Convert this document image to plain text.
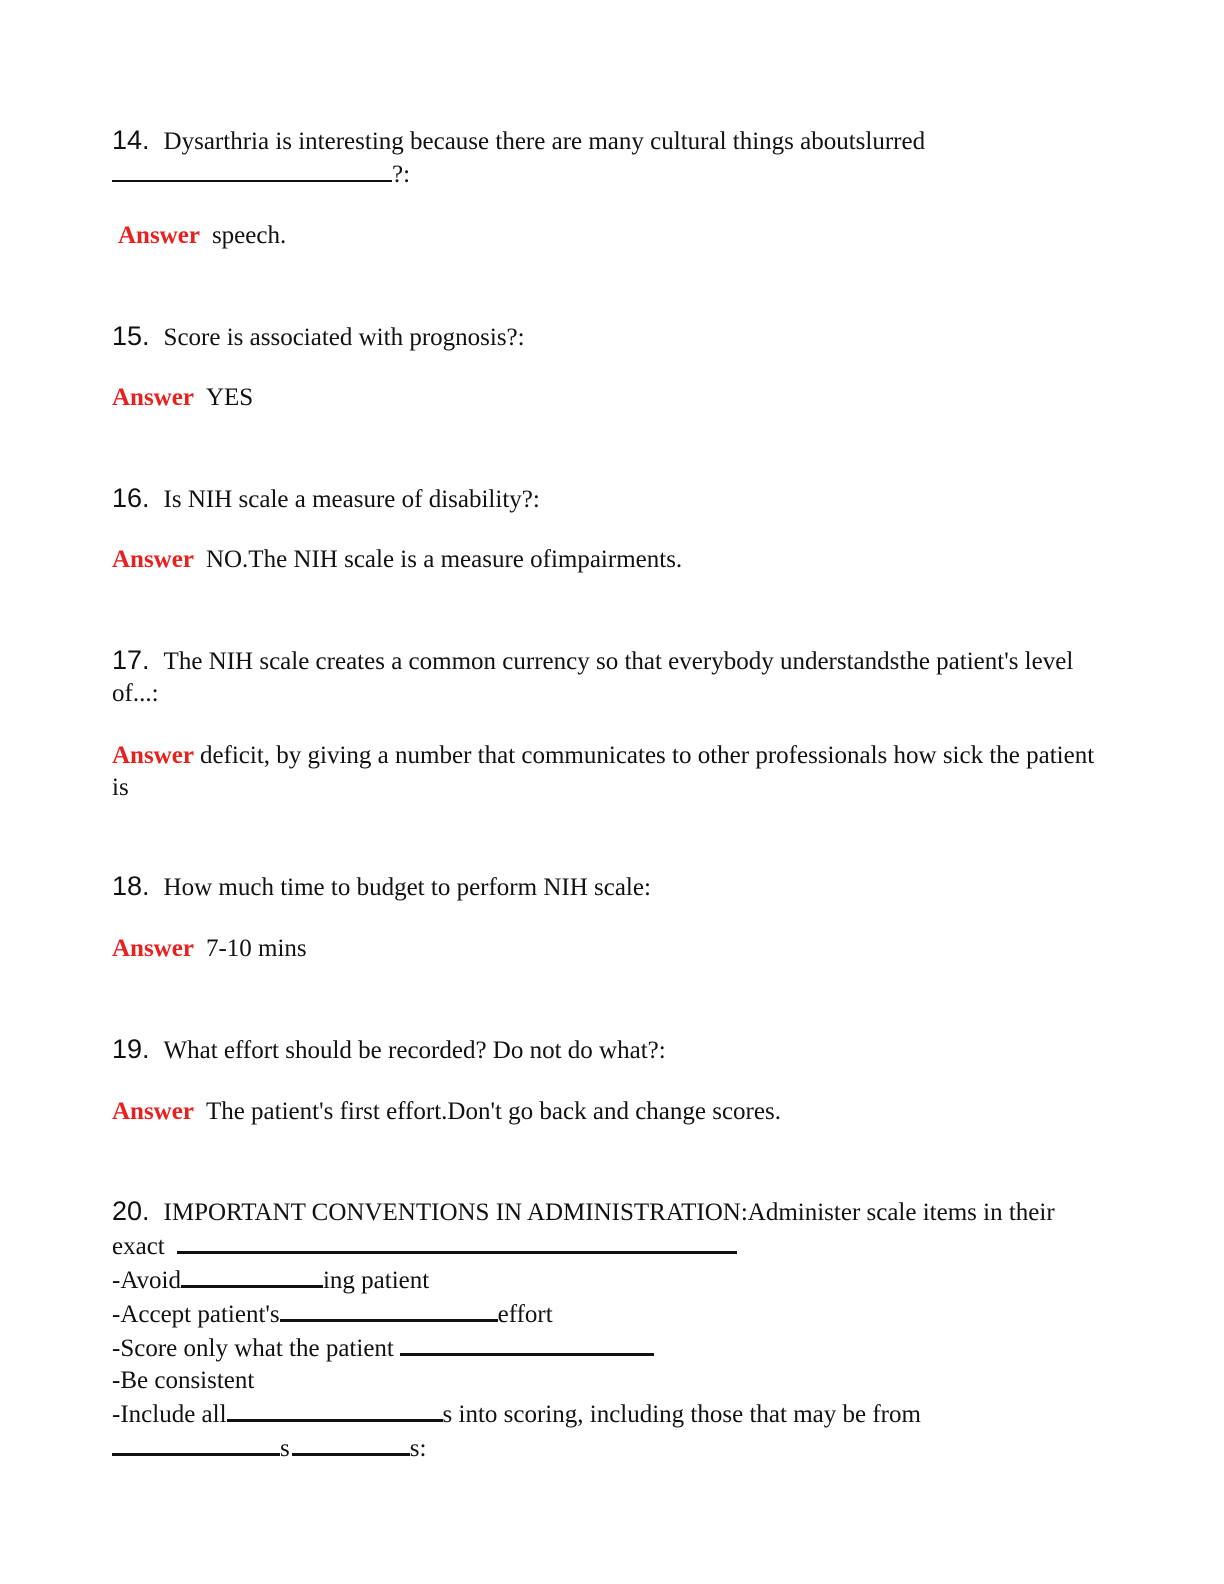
14. Dysarthria is interesting because there are many cultural things aboutslurred
?:
Answer speech.
15. Score is associated with prognosis?:
Answer YES
16. Is NIH scale a measure of disability?:
Answer NO.The NIH scale is a measure ofimpairments.
17. The NIH scale creates a common currency so that everybody understandsthe patient's level of...:
Answer deficit, by giving a number that communicates to other professionals how sick the patient is
18. How much time to budget to perform NIH scale:
Answer 7-10 mins
19. What effort should be recorded? Do not do what?:
Answer The patient's first effort.Don't go back and change scores.
20. IMPORTANT CONVENTIONS IN ADMINISTRATION:Administer scale items in their exact
-Avoid	ing patient
-Accept patient's	effort
-Score only what the patient
-Be consistent
-Include all	s into scoring, including those that may be from
s	s:
